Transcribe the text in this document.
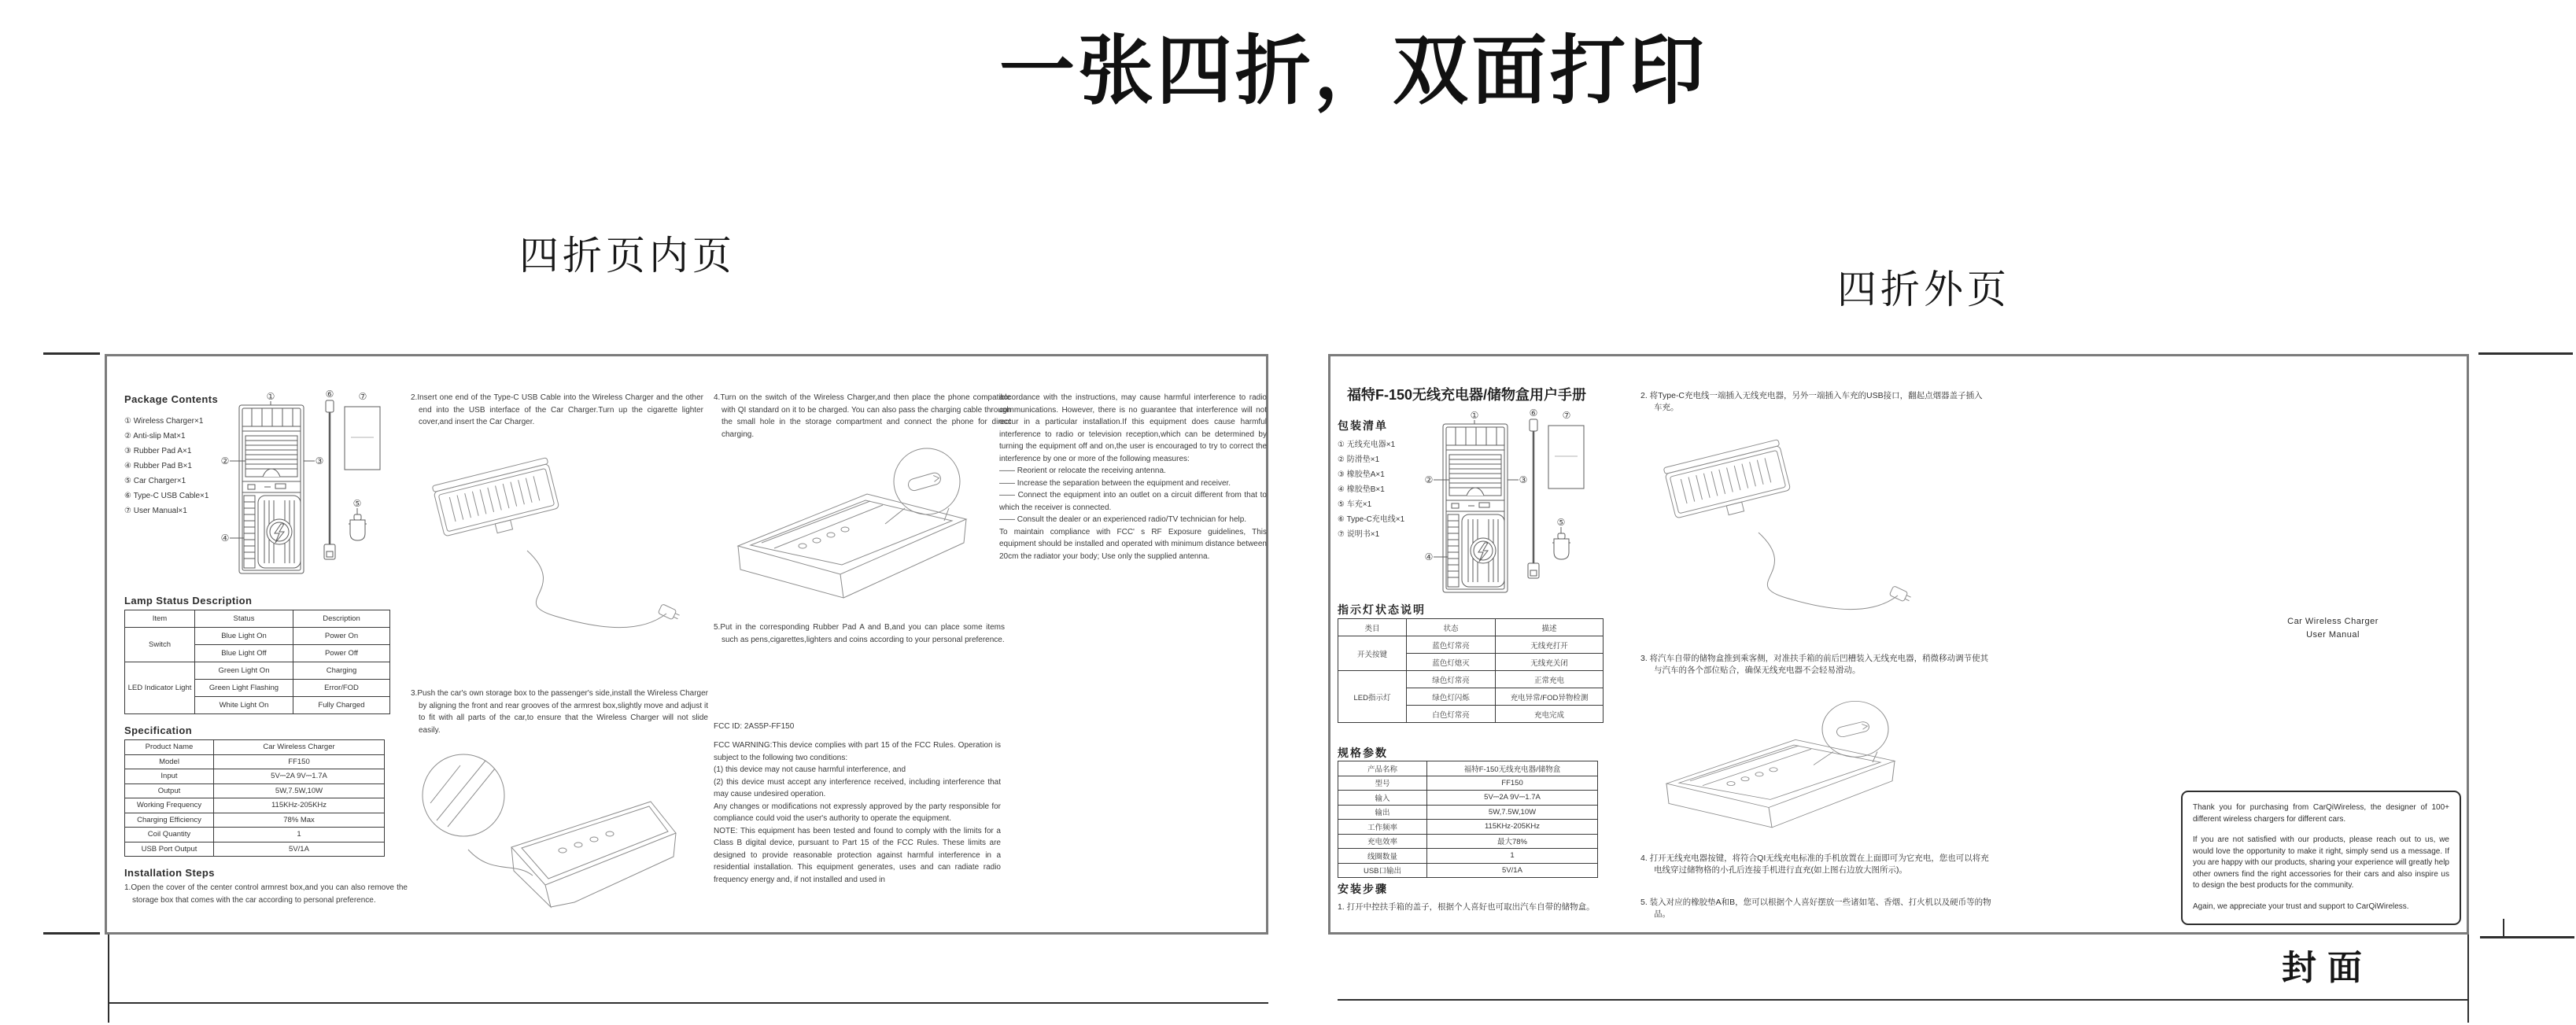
一张四折，双面打印
四折页内页
四折外页
Package Contents
① Wireless Charger×1
② Anti-slip Mat×1
③ Rubber Pad A×1
④ Rubber Pad B×1
⑤ Car Charger×1
⑥ Type-C USB Cable×1
⑦ User Manual×1
①	⑥	⑦
②	③
④
⑤
Lamp Status Description
Item	Status	Description
Switch	Blue Light On	Power On
	Blue Light Off	Power Off
LED Indicator Light	Green Light On	Charging
	Green Light Flashing	Error/FOD
	White Light On	Fully Charged
Specification
Product Name	Car Wireless Charger
Model	FF150
Input	5V⎓2A 9V⎓1.7A
Output	5W,7.5W,10W
Working Frequency	115KHz-205KHz
Charging Efficiency	78% Max
Coil Quantity	1
USB Port Output	5V/1A
Installation Steps
1.Open the cover of the center control armrest box,and you can also remove the storage box that comes with the car according to personal preference.
2.Insert one end of the Type-C USB Cable into the Wireless Charger and the other end into the USB interface of the Car Charger.Turn up the cigarette lighter cover,and insert the Car Charger.
3.Push the car's own storage box to the passenger's side,install the Wireless Charger by aligning the front and rear grooves of the armrest box,slightly move and adjust it to fit with all parts of the car,to ensure that the Wireless Charger will not slide easily.
4.Turn on the switch of the Wireless Charger,and then place the phone compatible with QI standard on it to be charged. You can also pass the charging cable through the small hole in the storage compartment and connect the phone for direct charging.
5.Put in the corresponding Rubber Pad A and B,and you can place some items such as pens,cigarettes,lighters and coins according to your personal preference.
FCC ID: 2AS5P-FF150

FCC WARNING:This device complies with part 15 of the FCC Rules. Operation is subject to the following two conditions:

(1) this device may not cause harmful interference, and

(2) this device must accept any interference received, including interference that may cause undesired operation.

Any changes or modifications not expressly approved by the party responsible for compliance could void the user's authority to operate the equipment.

NOTE: This equipment has been tested and found to comply with the limits for a Class B digital device, pursuant to Part 15 of the FCC Rules. These limits are designed to provide reasonable protection against harmful interference in a residential installation. This equipment generates, uses and can radiate radio frequency energy and, if not installed and used in

accordance with the instructions, may cause harmful interference to radio communications. However, there is no guarantee that interference will not occur in a particular installation.If this equipment does cause harmful interference to radio or television reception,which can be determined by turning the equipment off and on,the user is encouraged to try to correct the interference by one or more of the following measures:

—— Reorient or relocate the receiving antenna.

—— Increase the separation between the equipment and receiver.

—— Connect the equipment into an outlet on a circuit different from that to which the receiver is connected.

—— Consult the dealer or an experienced radio/TV technician for help.

To maintain compliance with FCC' s RF Exposure guidelines, This equipment should be installed and operated with minimum distance between 20cm the radiator your body; Use only the supplied antenna.

福特F-150无线充电器/储物盒用户手册
包装清单
① 无线充电器×1
② 防滑垫×1
③ 橡胶垫A×1
④ 橡胶垫B×1
⑤ 车充×1
⑥ Type-C充电线×1
⑦ 说明书×1
①	⑥	⑦
②	③
④
⑤
指示灯状态说明
类目	状态	描述
开关按键	蓝色灯常亮	无线充打开
	蓝色灯熄灭	无线充关闭
LED指示灯	绿色灯常亮	正常充电
	绿色灯闪烁	充电异常/FOD异物检测
	白色灯常亮	充电完成
规格参数
产品名称	福特F-150无线充电器/储物盒
型号	FF150
输入	5V⎓2A 9V⎓1.7A
输出	5W,7.5W,10W
工作频率	115KHz-205KHz
充电效率	最大78%
线圈数量	1
USB口输出	5V/1A
安装步骤
1. 打开中控扶手箱的盖子，根据个人喜好也可取出汽车自带的储物盒。
2. 将Type-C充电线一端插入无线充电器，另外一端插入车充的USB接口，翻起点烟器盖子插入车充。
3. 将汽车自带的储物盒推到乘客侧，对准扶手箱的前后凹槽装入无线充电器，稍微移动调节使其与汽车的各个部位贴合，确保无线充电器不会轻易滑动。
4. 打开无线充电器按键，将符合QI无线充电标准的手机放置在上面即可为它充电，您也可以将充电线穿过储物格的小孔后连接手机进行直充(如上图右边放大图所示)。
5. 装入对应的橡胶垫A和B，您可以根据个人喜好摆放一些诸如笔、香烟、打火机以及硬币等的物品。
Car Wireless Charger
User Manual

Thank you for purchasing from CarQiWireless, the designer of 100+ different wireless chargers for different cars.

If you are not satisfied with our products, please reach out to us, we would love the opportunity to make it right, simply send us a message. If you are happy with our products, sharing your experience will greatly help other owners find the right accessories for their cars and also inspire us to design the best products for the community.

Again, we appreciate your trust and support to CarQiWireless.

封面
